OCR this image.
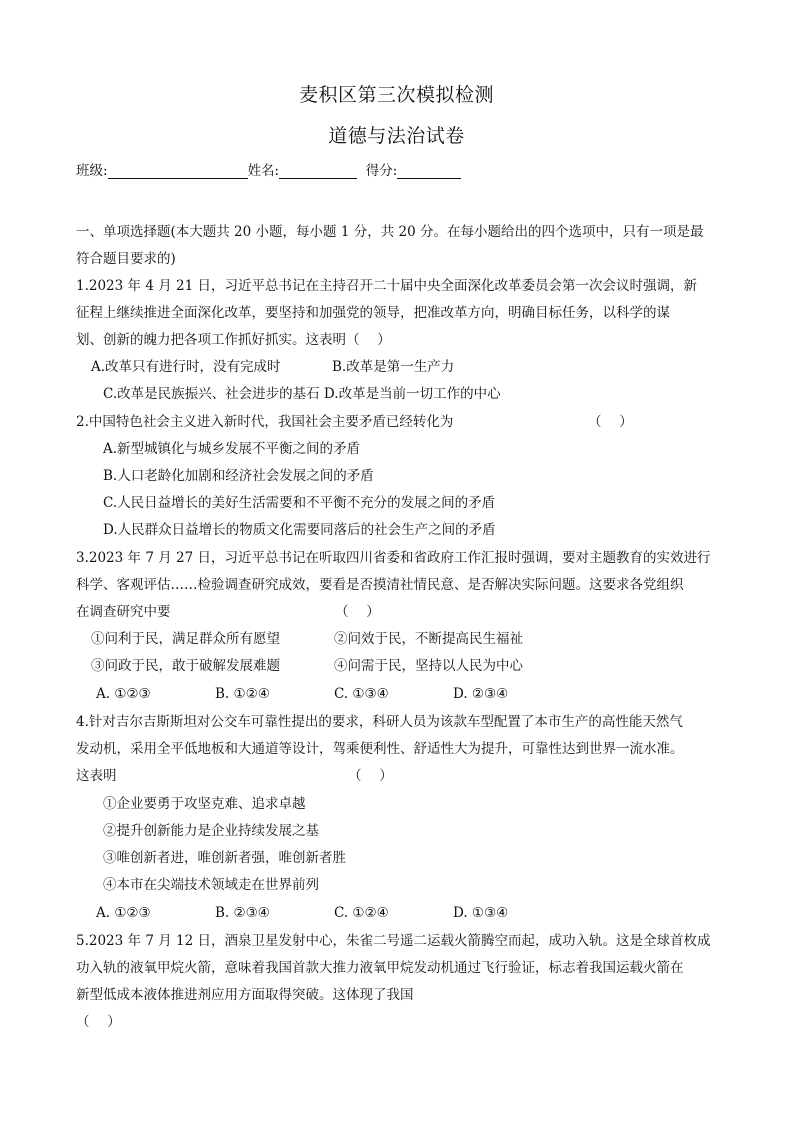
麦积区第三次模拟检测
道德与法治试卷
班级:	姓名:	得分:
一、单项选择题(本大题共 20 小题，每小题 1 分，共 20 分。在每小题给出的四个选项中，只有一项是最
符合题目要求的)
1.2023 年 4 月 21 日，习近平总书记在主持召开二十届中央全面深化改革委员会第一次会议时强调，新
征程上继续推进全面深化改革，要坚持和加强党的领导，把准改革方向，明确目标任务，以科学的谋
划、创新的魄力把各项工作抓好抓实。这表明（　 ）
A.改革只有进行时，没有完成时	B.改革是第一生产力
C.改革是民族振兴、社会进步的基石 D.改革是当前一切工作的中心
2.中国特色社会主义进入新时代，我国社会主要矛盾已经转化为	（　 ）
A.新型城镇化与城乡发展不平衡之间的矛盾
B.人口老龄化加剧和经济社会发展之间的矛盾
C.人民日益增长的美好生活需要和不平衡不充分的发展之间的矛盾
D.人民群众日益增长的物质文化需要同落后的社会生产之间的矛盾
3.2023 年 7 月 27 日，习近平总书记在听取四川省委和省政府工作汇报时强调，要对主题教育的实效进行
科学、客观评估……检验调查研究成效，要看是否摸清社情民意、是否解决实际问题。这要求各党组织
在调查研究中要	（　 ）
①问利于民，满足群众所有愿望	②问效于民，不断提高民生福祉
③问政于民，敢于破解发展难题	④问需于民，坚持以人民为中心
A. ①②③	B. ①②④	C. ①③④	D. ②③④
4.针对吉尔吉斯斯坦对公交车可靠性提出的要求，科研人员为该款车型配置了本市生产的高性能天然气
发动机，采用全平低地板和大通道等设计，驾乘便利性、舒适性大为提升，可靠性达到世界一流水准。
这表明	（　 ）
①企业要勇于攻坚克难、追求卓越
②提升创新能力是企业持续发展之基
③唯创新者进，唯创新者强，唯创新者胜
④本市在尖端技术领域走在世界前列
A. ①②③	B. ②③④	C. ①②④	D. ①③④
5.2023 年 7 月 12 日，酒泉卫星发射中心，朱雀二号遥二运载火箭腾空而起，成功入轨。这是全球首枚成
功入轨的液氧甲烷火箭，意味着我国首款大推力液氧甲烷发动机通过飞行验证，标志着我国运载火箭在
新型低成本液体推进剂应用方面取得突破。这体现了我国
（　 ）
